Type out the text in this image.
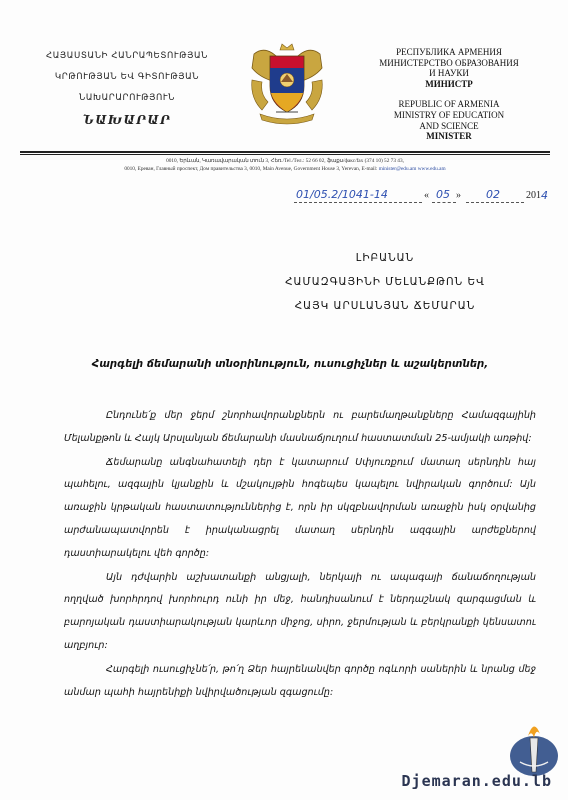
ՀԱՅԱՍՏԱՆԻ ՀԱՆՐԱՊԵՏՈՒԹՅԱՆ
ԿՐԹՈՒԹՅԱՆ ԵՎ ԳԻՏՈՒԹՅԱՆ
ՆԱԽԱՐԱՐՈՒԹՅՈՒՆ
ՆԱԽԱՐԱՐ
РЕСПУБЛИКА АРМЕНИЯ
МИНИСТЕРСТВО ОБРАЗОВАНИЯ
И НАУКИ
МИНИСТР
REPUBLIC OF ARMENIA
MINISTRY OF EDUCATION
AND SCIENCE
MINISTER
0010, Երևան, Կառավարական տուն 3, Հեռ./Tel./Тел.: 52 66 02, ֆաքս/факс/fax (374 10) 52 73 43,
0010, Ереван, Главный проспект, Дом правительства 3, 0010, Main Avenue, Government House 3, Yerevan, E-mail: minister@edu.am www.edu.am
01/05.2/1041-14	« 05 » 02	201 4
ԼԻԲԱՆԱՆ
ՀԱՄԱԶԳԱՅԻՆԻ ՄԵԼԱՆՔԹՈՆ ԵՎ
ՀԱՅԿ ԱՐՍԼԱՆՅԱՆ ՃԵՄԱՐԱՆ
Հարգելի ճեմարանի տնօրինություն, ուսուցիչներ և աշակերտներ,

Ընդունե՛ք մեր ջերմ շնորհավորանքներն ու բարեմաղթանքները Համազգայինի Մելանքթոն և Հայկ Արսլանյան ճեմարանի մասնաճյուղում հաստատման 25-ամյակի առթիվ:

Ճեմարանը անգնահատելի դեր է կատարում Սփյուռքում մատաղ սերնդին հայ պահելու, ազգային կյանքին և մշակույթին հոգեպես կապելու նվիրական գործում: Այն առաջին կրթական հաստատություններից է, որն իր սկզբնավորման առաջին իսկ օրվանից արժանապատվորեն է իրականացրել մատաղ սերնդին ազգային արժեքներով դաստիարակելու վեհ գործը:

Այն դժվարին աշխատանքի անցյալի, ներկայի ու ապագայի ճանաճողության ողղված խորհրդով խորհուրդ ունի իր մեջ, հանդիսանում է ներդաշնակ զարգացման և բարոյական դաստիարակության կարևոր միջոց, սիրո, ջերմության և բերկրանքի կենսատու աղբյուր:

Հարգելի ուսուցիչնե՛ր, թո՛ղ Ձեր հայրենանվեր գործը ոգևորի սաներին և նրանց մեջ անմար պահի հայրենիքի նվիրվածության զգացումը:

Djemaran.edu.lb
